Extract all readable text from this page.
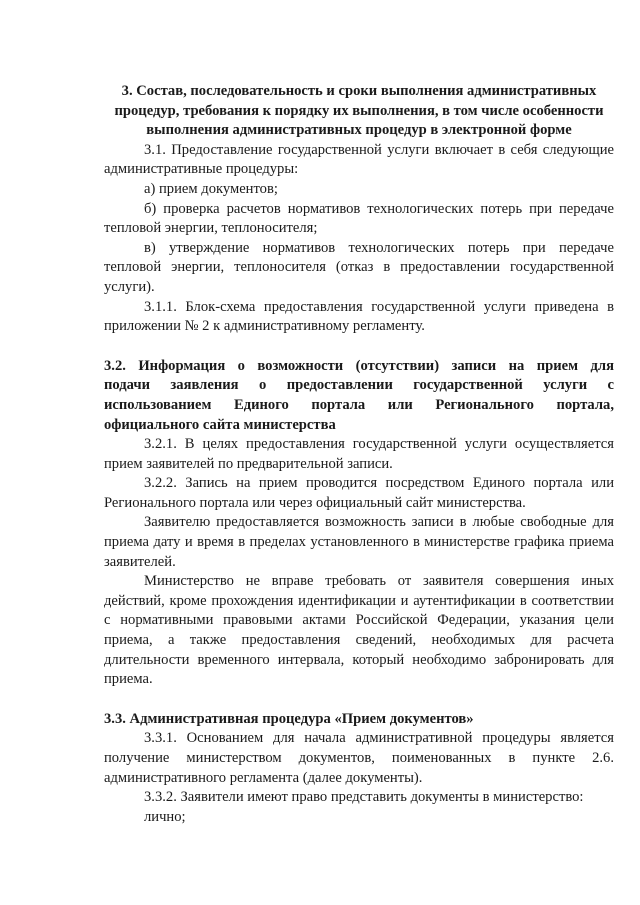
3. Состав, последовательность и сроки выполнения административных процедур, требования к порядку их выполнения, в том числе особенности выполнения административных процедур в электронной форме

3.1. Предоставление государственной услуги включает в себя следующие административные процедуры:

а) прием документов;

б) проверка расчетов нормативов технологических потерь при передаче тепловой энергии, теплоносителя;

в) утверждение нормативов технологических потерь при передаче тепловой энергии, теплоносителя (отказ в предоставлении государственной услуги).

3.1.1. Блок-схема предоставления государственной услуги приведена в приложении № 2 к административному регламенту.

3.2. Информация о возможности (отсутствии) записи на прием для

подачи заявления о предоставлении государственной услуги с

использованием Единого портала или Регионального портала,

официального сайта министерства

3.2.1. В целях предоставления государственной услуги осуществляется прием заявителей по предварительной записи.

3.2.2. Запись на прием проводится посредством Единого портала или Регионального портала или через официальный сайт министерства.

Заявителю предоставляется возможность записи в любые свободные для приема дату и время в пределах установленного в министерстве графика приема заявителей.

Министерство не вправе требовать от заявителя совершения иных действий, кроме прохождения идентификации и аутентификации в соответствии с нормативными правовыми актами Российской Федерации, указания цели приема, а также предоставления сведений, необходимых для расчета длительности временного интервала, который необходимо забронировать для приема.

3.3. Административная процедура «Прием документов»

3.3.1. Основанием для начала административной процедуры является получение министерством документов, поименованных в пункте 2.6. административного регламента (далее документы).

3.3.2. Заявители имеют право представить документы в министерство:

лично;
